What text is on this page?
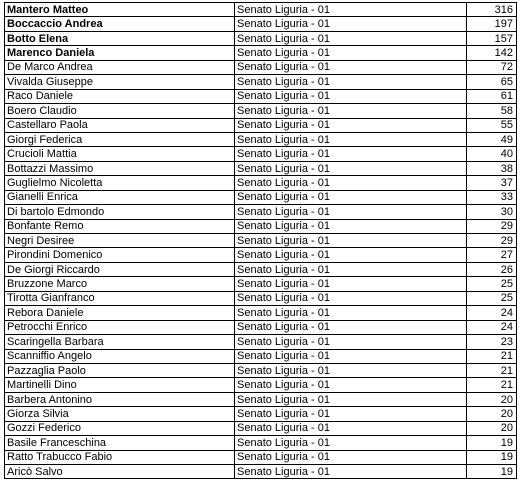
Mantero Matteo	Senato Liguria - 01	316
Boccaccio Andrea	Senato Liguria - 01	197
Botto Elena	Senato Liguria - 01	157
Marenco Daniela	Senato Liguria - 01	142
De Marco Andrea	Senato Liguria - 01	72
Vivalda Giuseppe	Senato Liguria - 01	65
Raco Daniele	Senato Liguria - 01	61
Boero Claudio	Senato Liguria - 01	58
Castellaro Paola	Senato Liguria - 01	55
Giorgi Federica	Senato Liguria - 01	49
Crucioli Mattia	Senato Liguria - 01	40
Bottazzi Massimo	Senato Liguria - 01	38
Guglielmo Nicoletta	Senato Liguria - 01	37
Gianelli Enrica	Senato Liguria - 01	33
Di bartolo Edmondo	Senato Liguria - 01	30
Bonfante Remo	Senato Liguria - 01	29
Negri Desiree	Senato Liguria - 01	29
Pirondini Domenico	Senato Liguria - 01	27
De Giorgi Riccardo	Senato Liguria - 01	26
Bruzzone Marco	Senato Liguria - 01	25
Tirotta Gianfranco	Senato Liguria - 01	25
Rebora Daniele	Senato Liguria - 01	24
Petrocchi Enrico	Senato Liguria - 01	24
Scaringella Barbara	Senato Liguria - 01	23
Scanniffio Angelo	Senato Liguria - 01	21
Pazzaglia Paolo	Senato Liguria - 01	21
Martinelli Dino	Senato Liguria - 01	21
Barbera Antonino	Senato Liguria - 01	20
Giorza Silvia	Senato Liguria - 01	20
Gozzi Federico	Senato Liguria - 01	20
Basile Franceschina	Senato Liguria - 01	19
Ratto Trabucco Fabio	Senato Liguria - 01	19
Aricò Salvo	Senato Liguria - 01	19
